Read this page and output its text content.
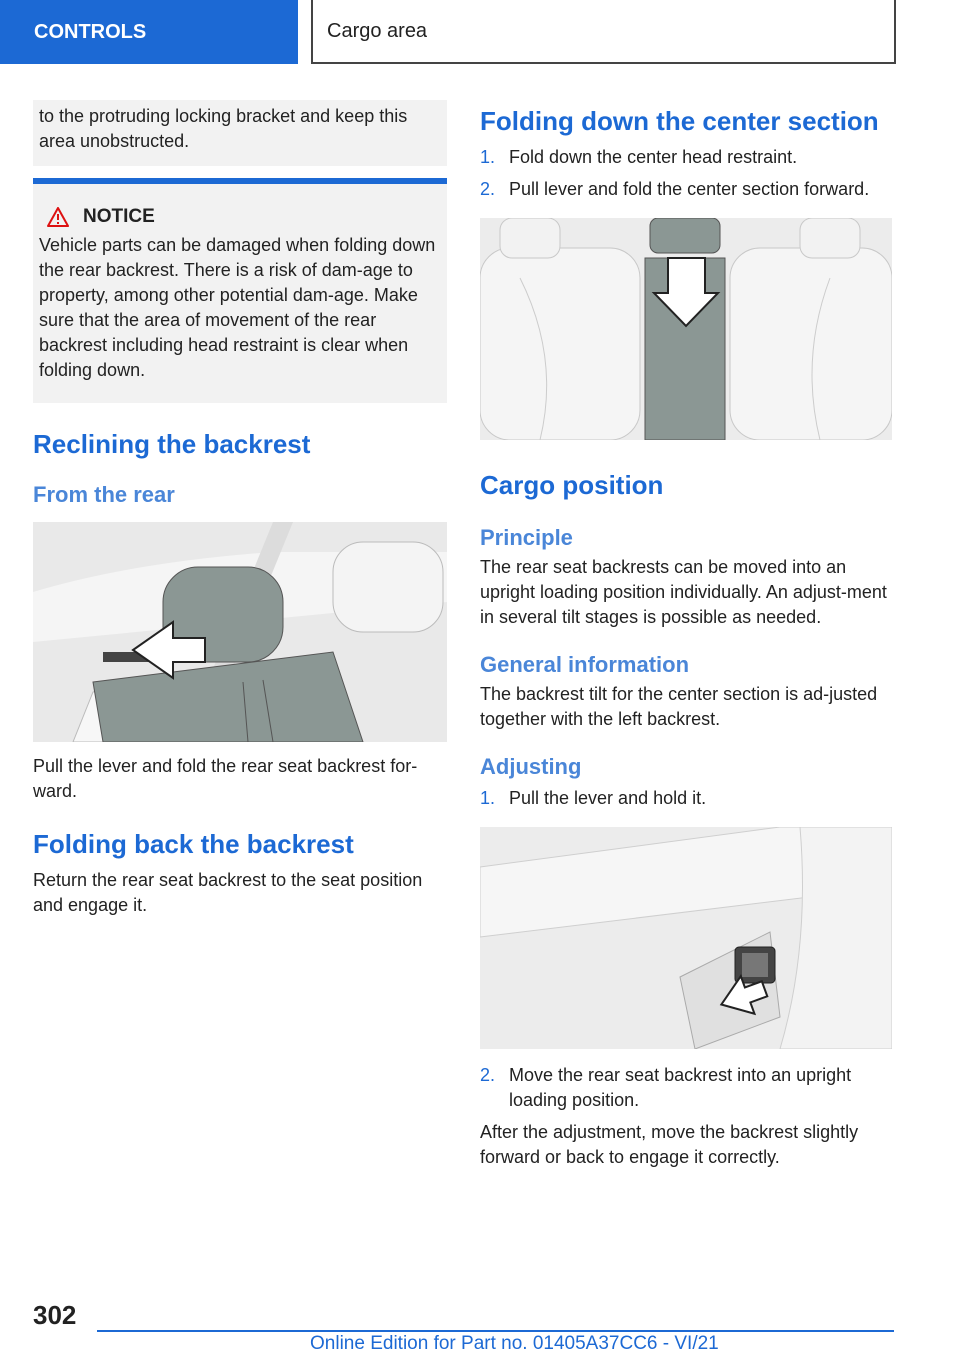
CONTROLS	Cargo area
to the protruding locking bracket and keep this area unobstructed.
NOTICE

Vehicle parts can be damaged when folding down the rear backrest. There is a risk of dam-age to property, among other potential dam-age. Make sure that the area of movement of the rear backrest including head restraint is clear when folding down.

Reclining the backrest
From the rear

Pull the lever and fold the rear seat backrest for-ward.

Folding back the backrest

Return the rear seat backrest to the seat position and engage it.

Folding down the center section
1. Fold down the center head restraint.
2. Pull lever and fold the center section forward.
Cargo position
Principle

The rear seat backrests can be moved into an upright loading position individually. An adjust-ment in several tilt stages is possible as needed.

General information

The backrest tilt for the center section is ad-justed together with the left backrest.

Adjusting
1. Pull the lever and hold it.
2. Move the rear seat backrest into an upright loading position.

After the adjustment, move the backrest slightly forward or back to engage it correctly.

302
Online Edition for Part no. 01405A37CC6 - VI/21
